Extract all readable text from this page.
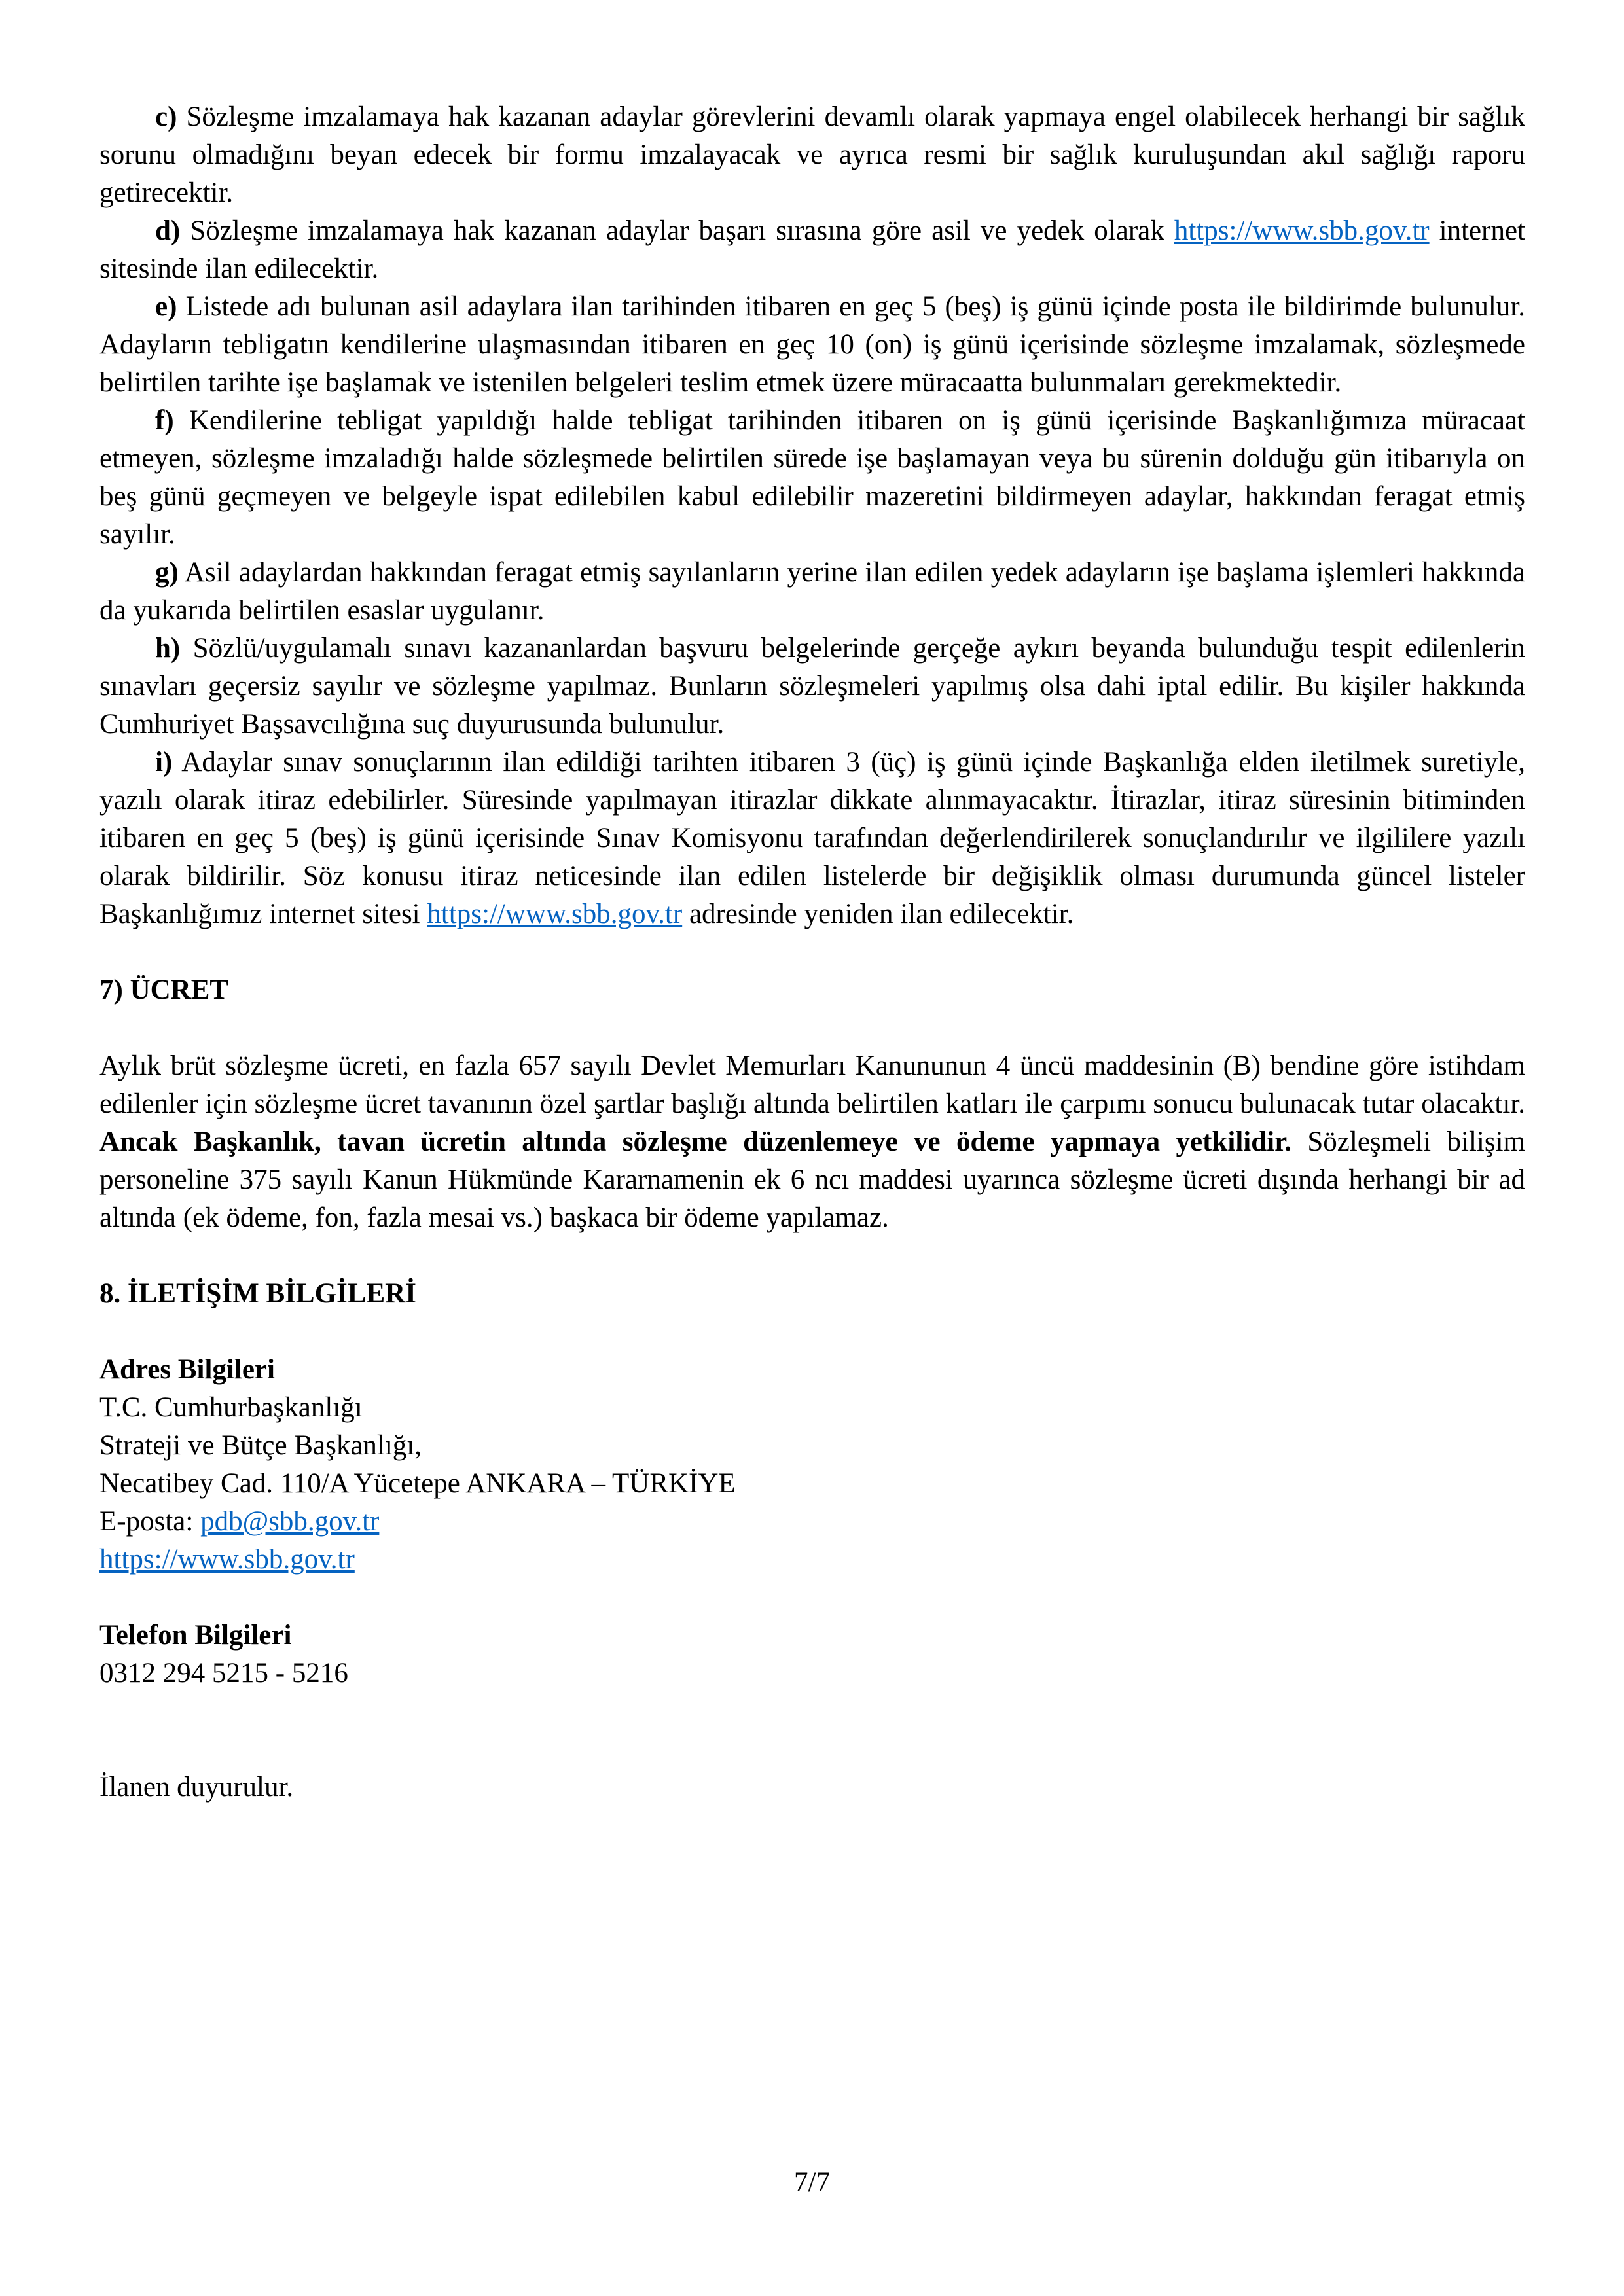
c) Sözleşme imzalamaya hak kazanan adaylar görevlerini devamlı olarak yapmaya engel olabilecek herhangi bir sağlık sorunu olmadığını beyan edecek bir formu imzalayacak ve ayrıca resmi bir sağlık kuruluşundan akıl sağlığı raporu getirecektir.

d) Sözleşme imzalamaya hak kazanan adaylar başarı sırasına göre asil ve yedek olarak https://www.sbb.gov.tr internet sitesinde ilan edilecektir.

e) Listede adı bulunan asil adaylara ilan tarihinden itibaren en geç 5 (beş) iş günü içinde posta ile bildirimde bulunulur. Adayların tebligatın kendilerine ulaşmasından itibaren en geç 10 (on) iş günü içerisinde sözleşme imzalamak, sözleşmede belirtilen tarihte işe başlamak ve istenilen belgeleri teslim etmek üzere müracaatta bulunmaları gerekmektedir.

f) Kendilerine tebligat yapıldığı halde tebligat tarihinden itibaren on iş günü içerisinde Başkanlığımıza müracaat etmeyen, sözleşme imzaladığı halde sözleşmede belirtilen sürede işe başlamayan veya bu sürenin dolduğu gün itibarıyla on beş günü geçmeyen ve belgeyle ispat edilebilen kabul edilebilir mazeretini bildirmeyen adaylar, hakkından feragat etmiş sayılır.

g) Asil adaylardan hakkından feragat etmiş sayılanların yerine ilan edilen yedek adayların işe başlama işlemleri hakkında da yukarıda belirtilen esaslar uygulanır.

h) Sözlü/uygulamalı sınavı kazananlardan başvuru belgelerinde gerçeğe aykırı beyanda bulunduğu tespit edilenlerin sınavları geçersiz sayılır ve sözleşme yapılmaz. Bunların sözleşmeleri yapılmış olsa dahi iptal edilir. Bu kişiler hakkında Cumhuriyet Başsavcılığına suç duyurusunda bulunulur.

i) Adaylar sınav sonuçlarının ilan edildiği tarihten itibaren 3 (üç) iş günü içinde Başkanlığa elden iletilmek suretiyle, yazılı olarak itiraz edebilirler. Süresinde yapılmayan itirazlar dikkate alınmayacaktır. İtirazlar, itiraz süresinin bitiminden itibaren en geç 5 (beş) iş günü içerisinde Sınav Komisyonu tarafından değerlendirilerek sonuçlandırılır ve ilgililere yazılı olarak bildirilir. Söz konusu itiraz neticesinde ilan edilen listelerde bir değişiklik olması durumunda güncel listeler Başkanlığımız internet sitesi https://www.sbb.gov.tr adresinde yeniden ilan edilecektir.

7) ÜCRET

Aylık brüt sözleşme ücreti, en fazla 657 sayılı Devlet Memurları Kanununun 4 üncü maddesinin (B) bendine göre istihdam edilenler için sözleşme ücret tavanının özel şartlar başlığı altında belirtilen katları ile çarpımı sonucu bulunacak tutar olacaktır. Ancak Başkanlık, tavan ücretin altında sözleşme düzenlemeye ve ödeme yapmaya yetkilidir. Sözleşmeli bilişim personeline 375 sayılı Kanun Hükmünde Kararnamenin ek 6 ncı maddesi uyarınca sözleşme ücreti dışında herhangi bir ad altında (ek ödeme, fon, fazla mesai vs.) başkaca bir ödeme yapılamaz.

8. İLETİŞİM BİLGİLERİ

Adres Bilgileri

T.C. Cumhurbaşkanlığı

Strateji ve Bütçe Başkanlığı,

Necatibey Cad. 110/A Yücetepe ANKARA – TÜRKİYE

E-posta: pdb@sbb.gov.tr

https://www.sbb.gov.tr

Telefon Bilgileri

0312 294 5215 - 5216

İlanen duyurulur.

7/7
